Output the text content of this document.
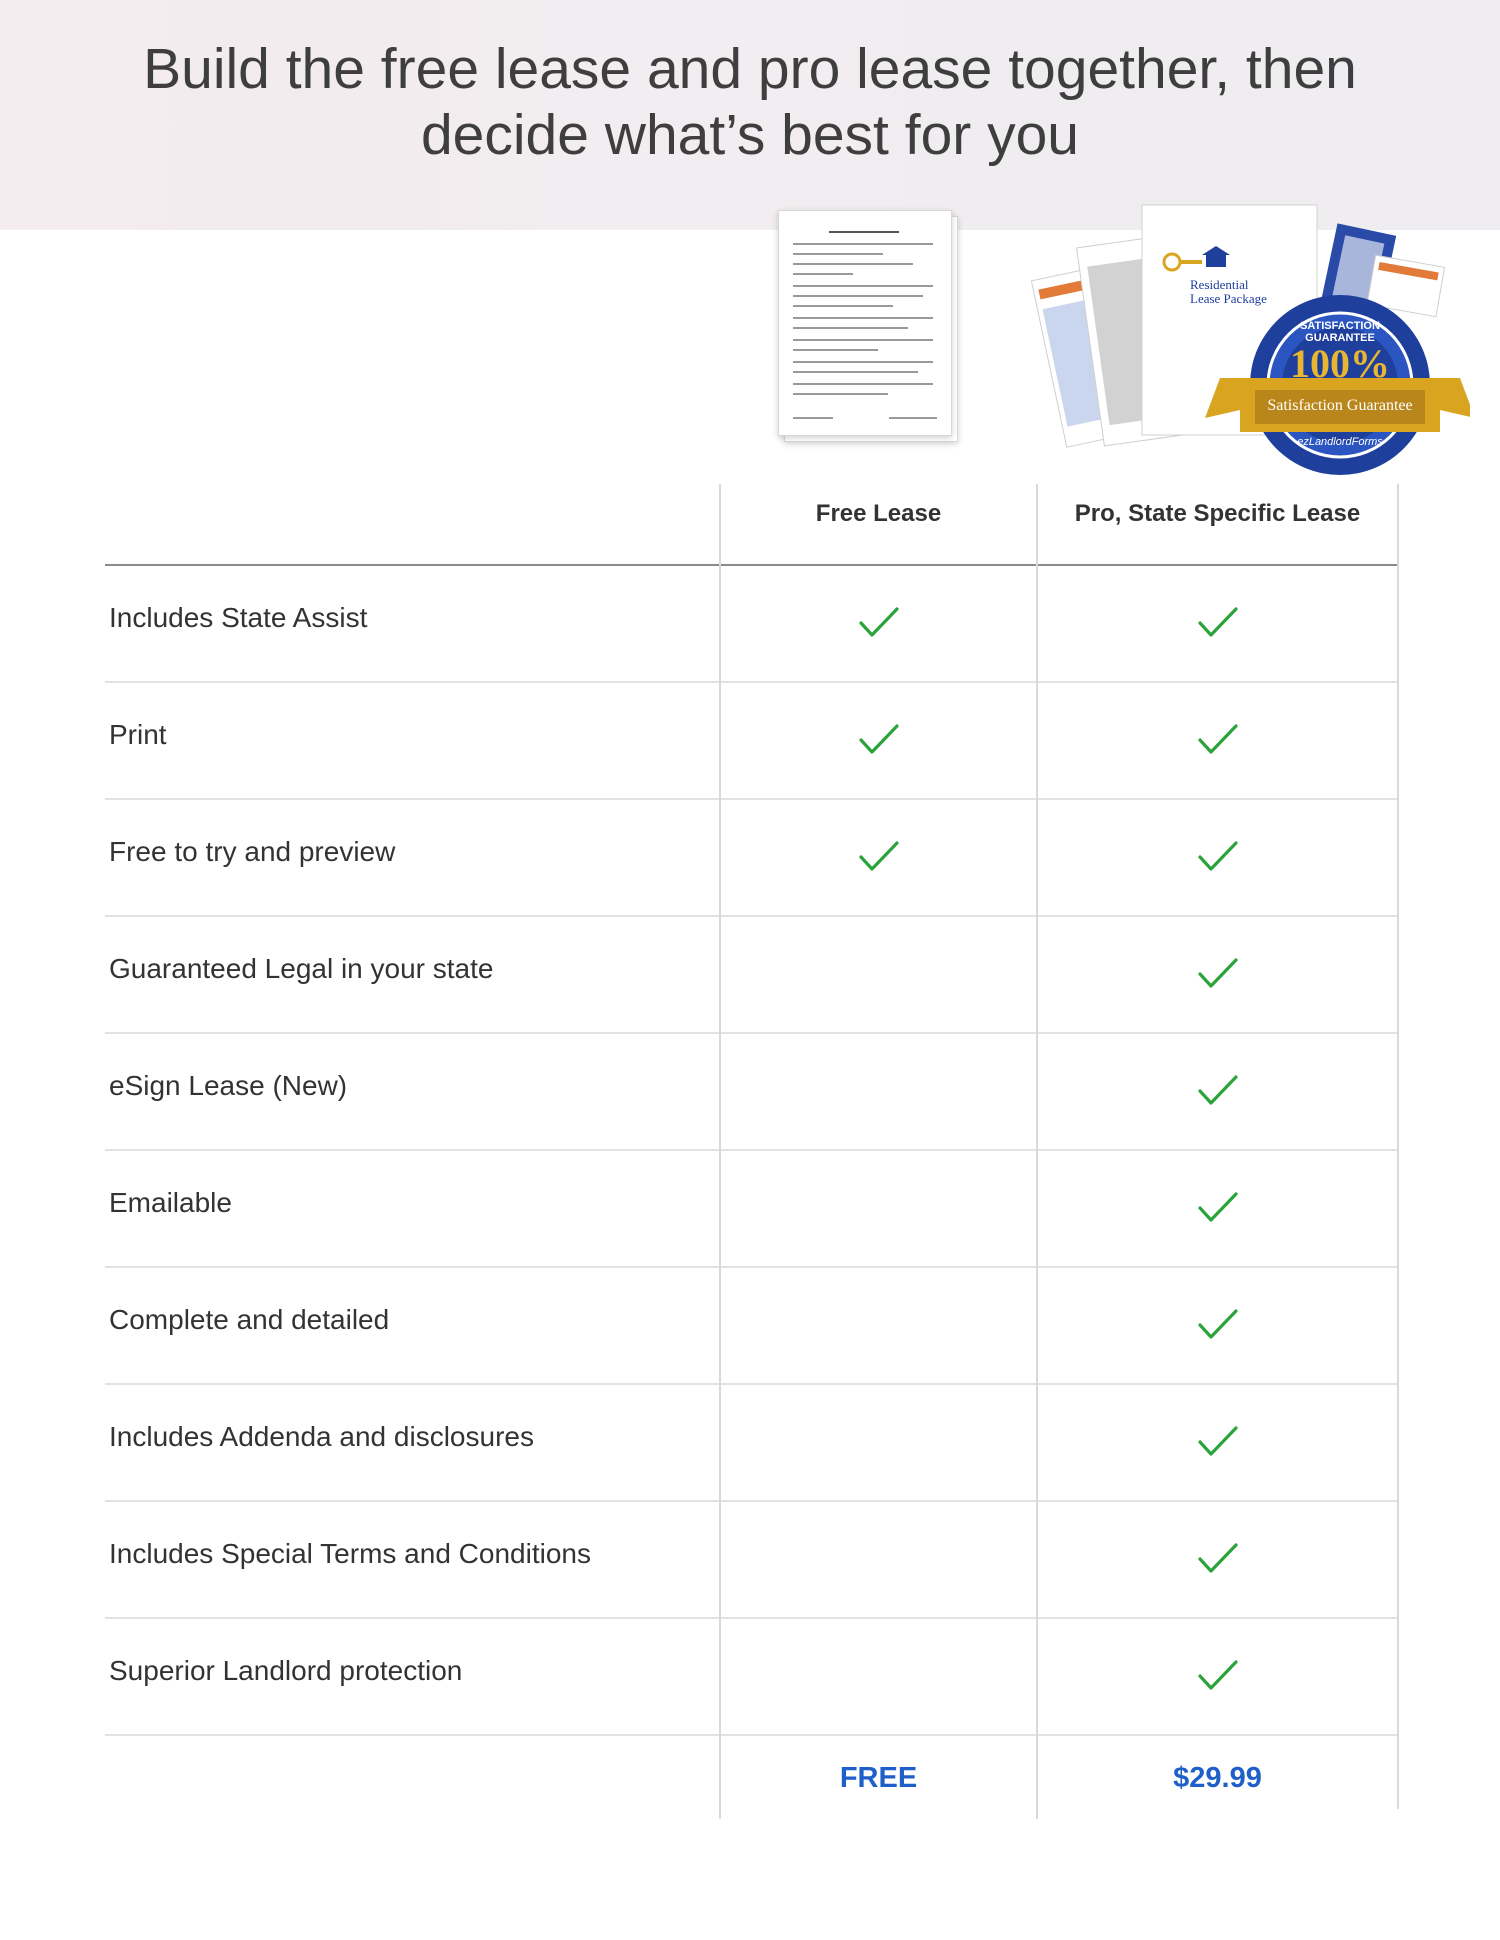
Build the free lease and pro lease together, then
decide what’s best for you
Residential
Lease Package
SATISFACTION GUARANTEE
100%
Satisfaction Guarantee
ezLandlordForms
Free Lease	Pro, State Specific Lease
Includes State Assist
Print
Free to try and preview
Guaranteed Legal in your state
eSign Lease (New)
Emailable
Complete and detailed
Includes Addenda and disclosures
Includes Special Terms and Conditions
Superior Landlord protection
FREE	$29.99
